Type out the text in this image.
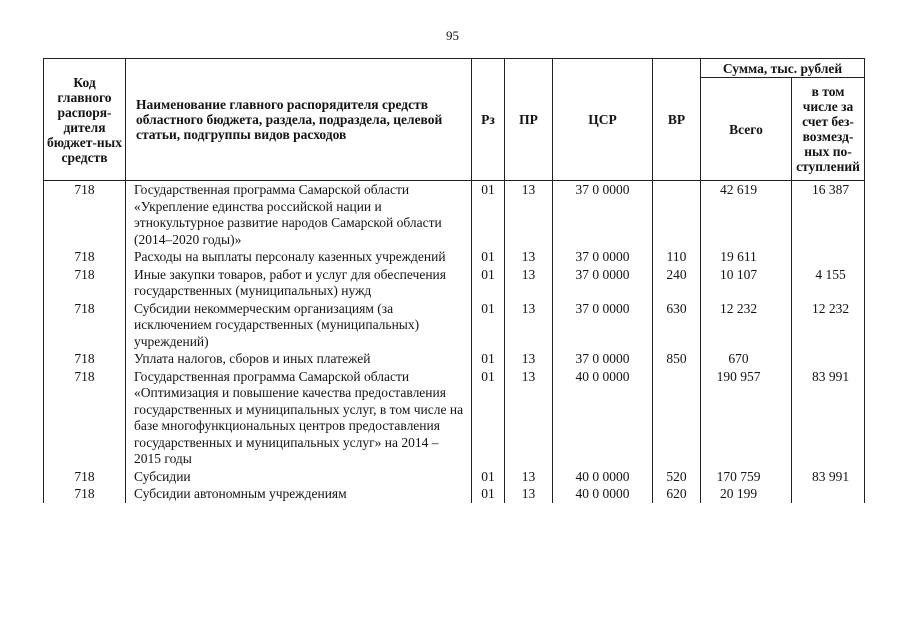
95
Код главного распоря-дителя бюджет-ных средств	Наименование главного распорядителя средств областного бюджета, раздела, подраздела, целевой статьи, подгруппы видов расходов	Рз	ПР	ЦСР	ВР	Сумма, тыс. рублей	
						Всего	в том числе за счет без-возмезд-ных по-ступлений
718	Государственная программа Самарской области «Укрепление единства российской нации и этнокультурное развитие народов Самарской области (2014–2020 годы)»	01	13	37 0 0000		42 619	16 387
718	Расходы на выплаты персоналу казенных учреждений	01	13	37 0 0000	110	19 611	
718	Иные закупки товаров, работ и услуг для обеспечения государственных (муниципальных) нужд	01	13	37 0 0000	240	10 107	4 155
718	Субсидии некоммерческим организациям (за исключением государственных (муниципальных) учреждений)	01	13	37 0 0000	630	12 232	12 232
718	Уплата налогов, сборов и иных платежей	01	13	37 0 0000	850	670	
718	Государственная программа Самарской области «Оптимизация и повышение качества предоставления государственных и муниципальных услуг, в том числе на базе многофункциональных центров предоставления государственных и муниципальных услуг» на 2014 – 2015 годы	01	13	40 0 0000		190 957	83 991
718	Субсидии	01	13	40 0 0000	520	170 759	83 991
718	Субсидии автономным учреждениям	01	13	40 0 0000	620	20 199	
